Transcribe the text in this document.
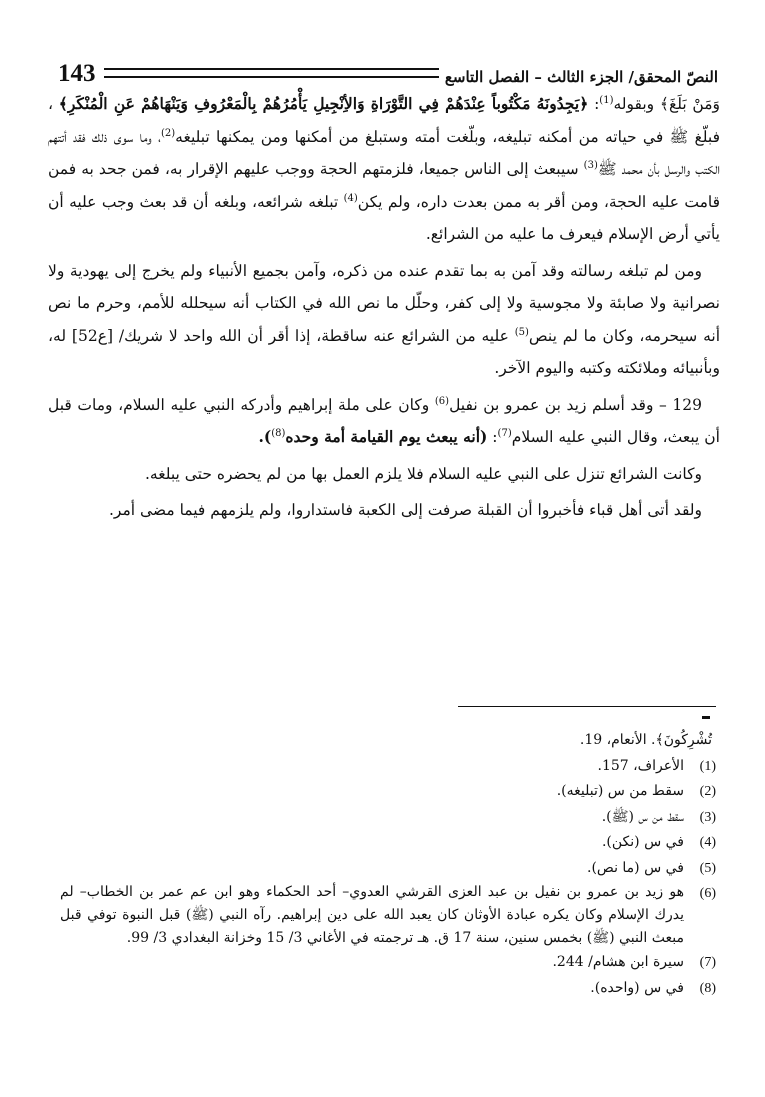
143	النصّ المحقق/ الجزء الثالث – الفصل التاسع

وَمَنْ بَلَغَ﴾ وبقوله$^{(1)}$: ﴿يَجِدُونَهُ مَكْتُوباً عِنْدَهُمْ فِي التَّوْرَاةِ وَالأِنْجِيلِ يَأْمُرُهُمْ بِالْمَعْرُوفِ وَيَنْهَاهُمْ عَنِ الْمُنْكَرِ﴾ ، فبلّغ ﷺ في حياته من أمكنه تبليغه، وبلّغت أمته وستبلغ من أمكنها ومن يمكنها تبليغه$^{(2)}$، وما سوى ذلك فقد أتتهم الكتب والرسل بأن محمد ﷺ$^{(3)}$ سيبعث إلى الناس جميعا، فلزمتهم الحجة ووجب عليهم الإقرار به، فمن جحد به فمن قامت عليه الحجة، ومن أقر به ممن بعدت داره، ولم يكن$^{(4)}$ تبلغه شرائعه، وبلغه أن قد بعث وجب عليه أن يأتي أرض الإسلام فيعرف ما عليه من الشرائع.

ومن لم تبلغه رسالته وقد آمن به بما تقدم عنده من ذكره، وآمن بجميع الأنبياء ولم يخرج إلى يهودية ولا نصرانية ولا صابئة ولا مجوسية ولا إلى كفر، وحلّل ما نص الله في الكتاب أنه سيحلله للأمم، وحرم ما نص أنه سيحرمه، وكان ما لم ينص$^{(5)}$ عليه من الشرائع عنه ساقطة، إذا أقر أن الله واحد لا شريك/ [52ع] له، وبأنبيائه وملائكته وكتبه واليوم الآخر.

129 – وقد أسلم زيد بن عمرو بن نفيل$^{(6)}$ وكان على ملة إبراهيم وأدركه النبي عليه السلام، ومات قبل أن يبعث، وقال النبي عليه السلام$^{(7)}$: (أنه يبعث يوم القيامة أمة وحده$^{(8)}$).

وكانت الشرائع تنزل على النبي عليه السلام فلا يلزم العمل بها من لم يحضره حتى يبلغه.

ولقد أتى أهل قباء فأخبروا أن القبلة صرفت إلى الكعبة فاستداروا، ولم يلزمهم فيما مضى أمر.

تُشْرِكُونَ﴾. الأنعام، 19.

(1)
الأعراف، 157.
(2)
سقط من س (تبليغه).
(3)
سقط من س (ﷺ).
(4)
في س (نكن).
(5)
في س (ما نص).
(6)
هو زيد بن عمرو بن نفيل بن عبد العزى القرشي العدوي– أحد الحكماء وهو ابن عم عمر بن الخطاب– لم يدرك الإسلام وكان يكره عبادة الأوثان كان يعبد الله على دين إبراهيم. رآه النبي (ﷺ) قبل النبوة توفي قبل مبعث النبي (ﷺ) بخمس سنين، سنة 17 ق. هـ ترجمته في الأغاني 3/ 15 وخزانة البغدادي 3/ 99.
(7)
سيرة ابن هشام/ 244.
(8)
في س (واحده).
